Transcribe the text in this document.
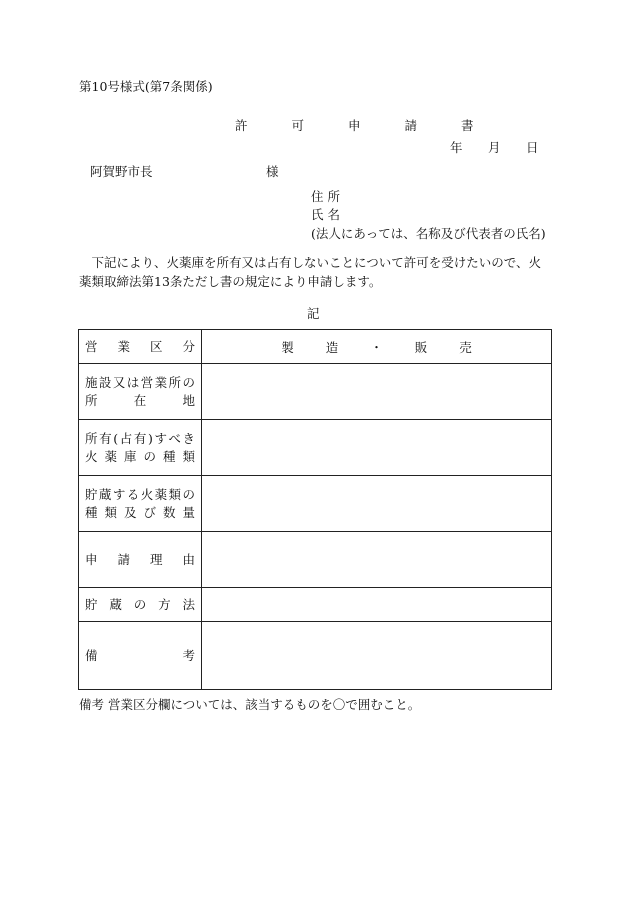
第10号様式(第7条関係)
許 可 申 請 書
年 月 日
阿賀野市長	様
住 所
氏 名
(法人にあっては、名称及び代表者の氏名)
下記により、火薬庫を所有又は占有しないことについて許可を受けたいので、火薬類取締法第13条ただし書の規定により申請します。
記
営 業 区 分	製 造 ・ 販 売

施設又は営業所の
所 在 地	

所有(占有)すべき
火薬庫の種類	

貯蔵する火薬類の
種類及び数量	

申 請 理 由	

貯 蔵 の 方 法	

備 考	

備考 営業区分欄については、該当するものを〇で囲むこと。
